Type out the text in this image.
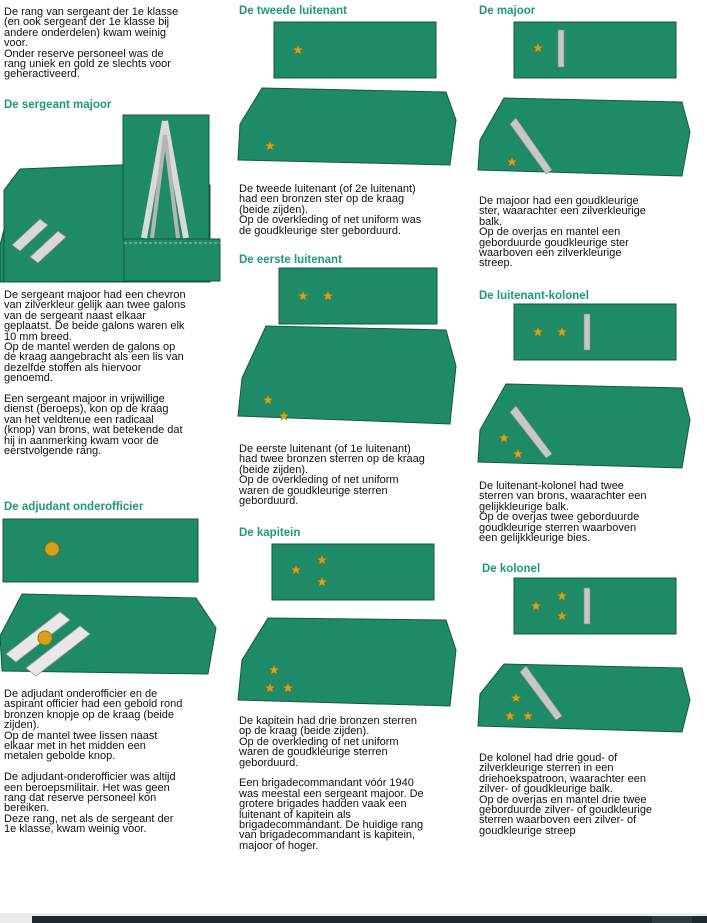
De rang van sergeant der 1e klasse
(en ook sergeant der 1e klasse bij
andere onderdelen) kwam weinig
voor.
Onder reserve personeel was de
rang uniek en gold ze slechts voor
geheractiveerd.
De sergeant majoor
De sergeant majoor had een chevron
van zilverkleur gelijk aan twee galons
van de sergeant naast elkaar
geplaatst. De beide galons waren elk
10 mm breed.
Op de mantel werden de galons op
de kraag aangebracht als een lis van
dezelfde stoffen als hiervoor
genoemd.

Een sergeant majoor in vrijwillige
dienst (beroeps), kon op de kraag
van het veldtenue een radicaal
(knop) van brons, wat betekende dat
hij in aanmerking kwam voor de
eerstvolgende rang.
De adjudant onderofficier
De adjudant onderofficier en de
aspirant officier had een gebold rond
bronzen knopje op de kraag (beide
zijden).
Op de mantel twee lissen naast
elkaar met in het midden een
metalen gebolde knop.

De adjudant-onderofficier was altijd
een beroepsmilitair. Het was geen
rang dat reserve personeel kon
bereiken.
Deze rang, net als de sergeant der
1e klasse, kwam weinig voor.
De tweede luitenant
De tweede luitenant (of 2e luitenant)
had een bronzen ster op de kraag
(beide zijden).
Op de overkleding of net uniform was
de goudkleurige ster geborduurd.
De eerste luitenant
De eerste luitenant (of 1e luitenant)
had twee bronzen sterren op de kraag
(beide zijden).
Op de overkleding of net uniform
waren de goudkleurige sterren
geborduurd.
De kapitein
De kapitein had drie bronzen sterren
op de kraag (beide zijden).
Op de overkleding of net uniform
waren de goudkleurige sterren
geborduurd.

Een brigadecommandant vóór 1940
was meestal een sergeant majoor. De
grotere brigades hadden vaak een
luitenant of kapitein als
brigadecommandant. De huidige rang
van brigadecommandant is kapitein,
majoor of hoger.
De majoor
De majoor had een goudkleurige
ster, waarachter een zilverkleurige
balk.
Op de overjas en mantel een
geborduurde goudkleurige ster
waarboven een zilverkleurige
streep.
De luitenant-kolonel
De luitenant-kolonel had twee
sterren van brons, waarachter een
gelijkkleurige balk.
Op de overjas twee geborduurde
goudkleurige sterren waarboven
een gelijkkleurige bies.
De kolonel
De kolonel had drie goud- of
zilverkleurige sterren in een
driehoekspatroon, waarachter een
zilver- of goudkleurige balk.
Op de overjas en mantel drie twee
geborduurde zilver- of goudkleurige
sterren waarboven een zilver- of
goudkleurige streep
